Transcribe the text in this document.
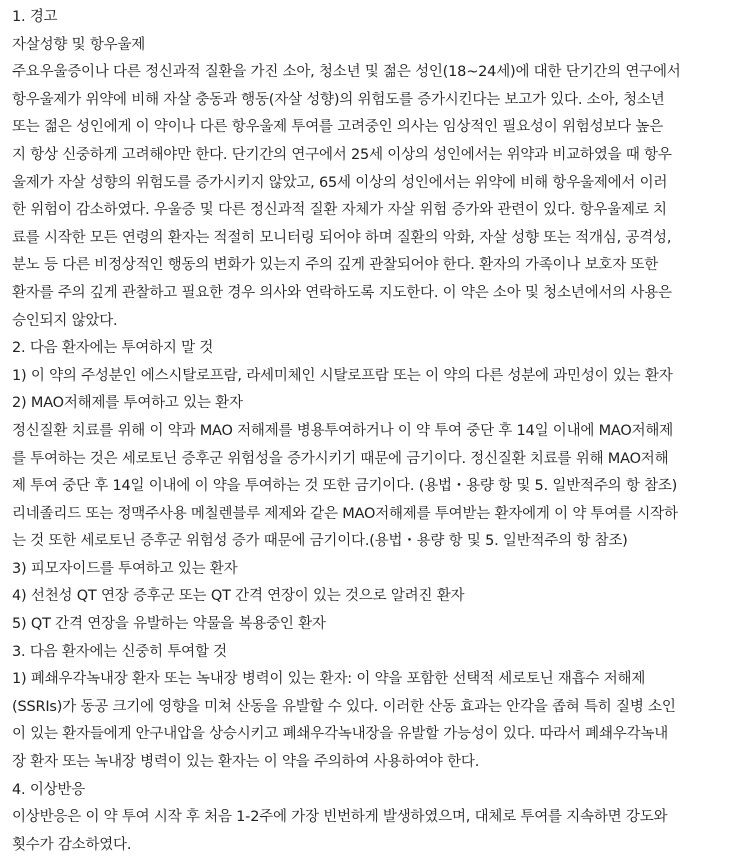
1. 경고
자살성향 및 항우울제
주요우울증이나 다른 정신과적 질환을 가진 소아, 청소년 및 젊은 성인(18~24세)에 대한 단기간의 연구에서
항우울제가 위약에 비해 자살 충동과 행동(자살 성향)의 위험도를 증가시킨다는 보고가 있다. 소아, 청소년
또는 젊은 성인에게 이 약이나 다른 항우울제 투여를 고려중인 의사는 임상적인 필요성이 위험성보다 높은
지 항상 신중하게 고려해야만 한다. 단기간의 연구에서 25세 이상의 성인에서는 위약과 비교하였을 때 항우
울제가 자살 성향의 위험도를 증가시키지 않았고, 65세 이상의 성인에서는 위약에 비해 항우울제에서 이러
한 위험이 감소하였다. 우울증 및 다른 정신과적 질환 자체가 자살 위험 증가와 관련이 있다. 항우울제로 치
료를 시작한 모든 연령의 환자는 적절히 모니터링 되어야 하며 질환의 악화, 자살 성향 또는 적개심, 공격성,
분노 등 다른 비정상적인 행동의 변화가 있는지 주의 깊게 관찰되어야 한다. 환자의 가족이나 보호자 또한
환자를 주의 깊게 관찰하고 필요한 경우 의사와 연락하도록 지도한다. 이 약은 소아 및 청소년에서의 사용은
승인되지 않았다.
2. 다음 환자에는 투여하지 말 것
1) 이 약의 주성분인 에스시탈로프람, 라세미체인 시탈로프람 또는 이 약의 다른 성분에 과민성이 있는 환자
2) MAO저해제를 투여하고 있는 환자
정신질환 치료를 위해 이 약과 MAO 저해제를 병용투여하거나 이 약 투여 중단 후 14일 이내에 MAO저해제
를 투여하는 것은 세로토닌 증후군 위험성을 증가시키기 때문에 금기이다. 정신질환 치료를 위해 MAO저해
제 투여 중단 후 14일 이내에 이 약을 투여하는 것 또한 금기이다. (용법・용량 항 및 5. 일반적주의 항 참조)
리네졸리드 또는 정맥주사용 메칠렌블루 제제와 같은 MAO저해제를 투여받는 환자에게 이 약 투여를 시작하
는 것 또한 세로토닌 증후군 위험성 증가 때문에 금기이다.(용법・용량 항 및 5. 일반적주의 항 참조)
3) 피모자이드를 투여하고 있는 환자
4) 선천성 QT 연장 증후군 또는 QT 간격 연장이 있는 것으로 알려진 환자
5) QT 간격 연장을 유발하는 약물을 복용중인 환자
3. 다음 환자에는 신중히 투여할 것
1) 폐쇄우각녹내장 환자 또는 녹내장 병력이 있는 환자: 이 약을 포함한 선택적 세로토닌 재흡수 저해제
(SSRIs)가 동공 크기에 영향을 미쳐 산동을 유발할 수 있다. 이러한 산동 효과는 안각을 좁혀 특히 질병 소인
이 있는 환자들에게 안구내압을 상승시키고 폐쇄우각녹내장을 유발할 가능성이 있다. 따라서 폐쇄우각녹내
장 환자 또는 녹내장 병력이 있는 환자는 이 약을 주의하여 사용하여야 한다.
4. 이상반응
이상반응은 이 약 투여 시작 후 처음 1-2주에 가장 빈번하게 발생하였으며, 대체로 투여를 지속하면 강도와
횟수가 감소하였다.
